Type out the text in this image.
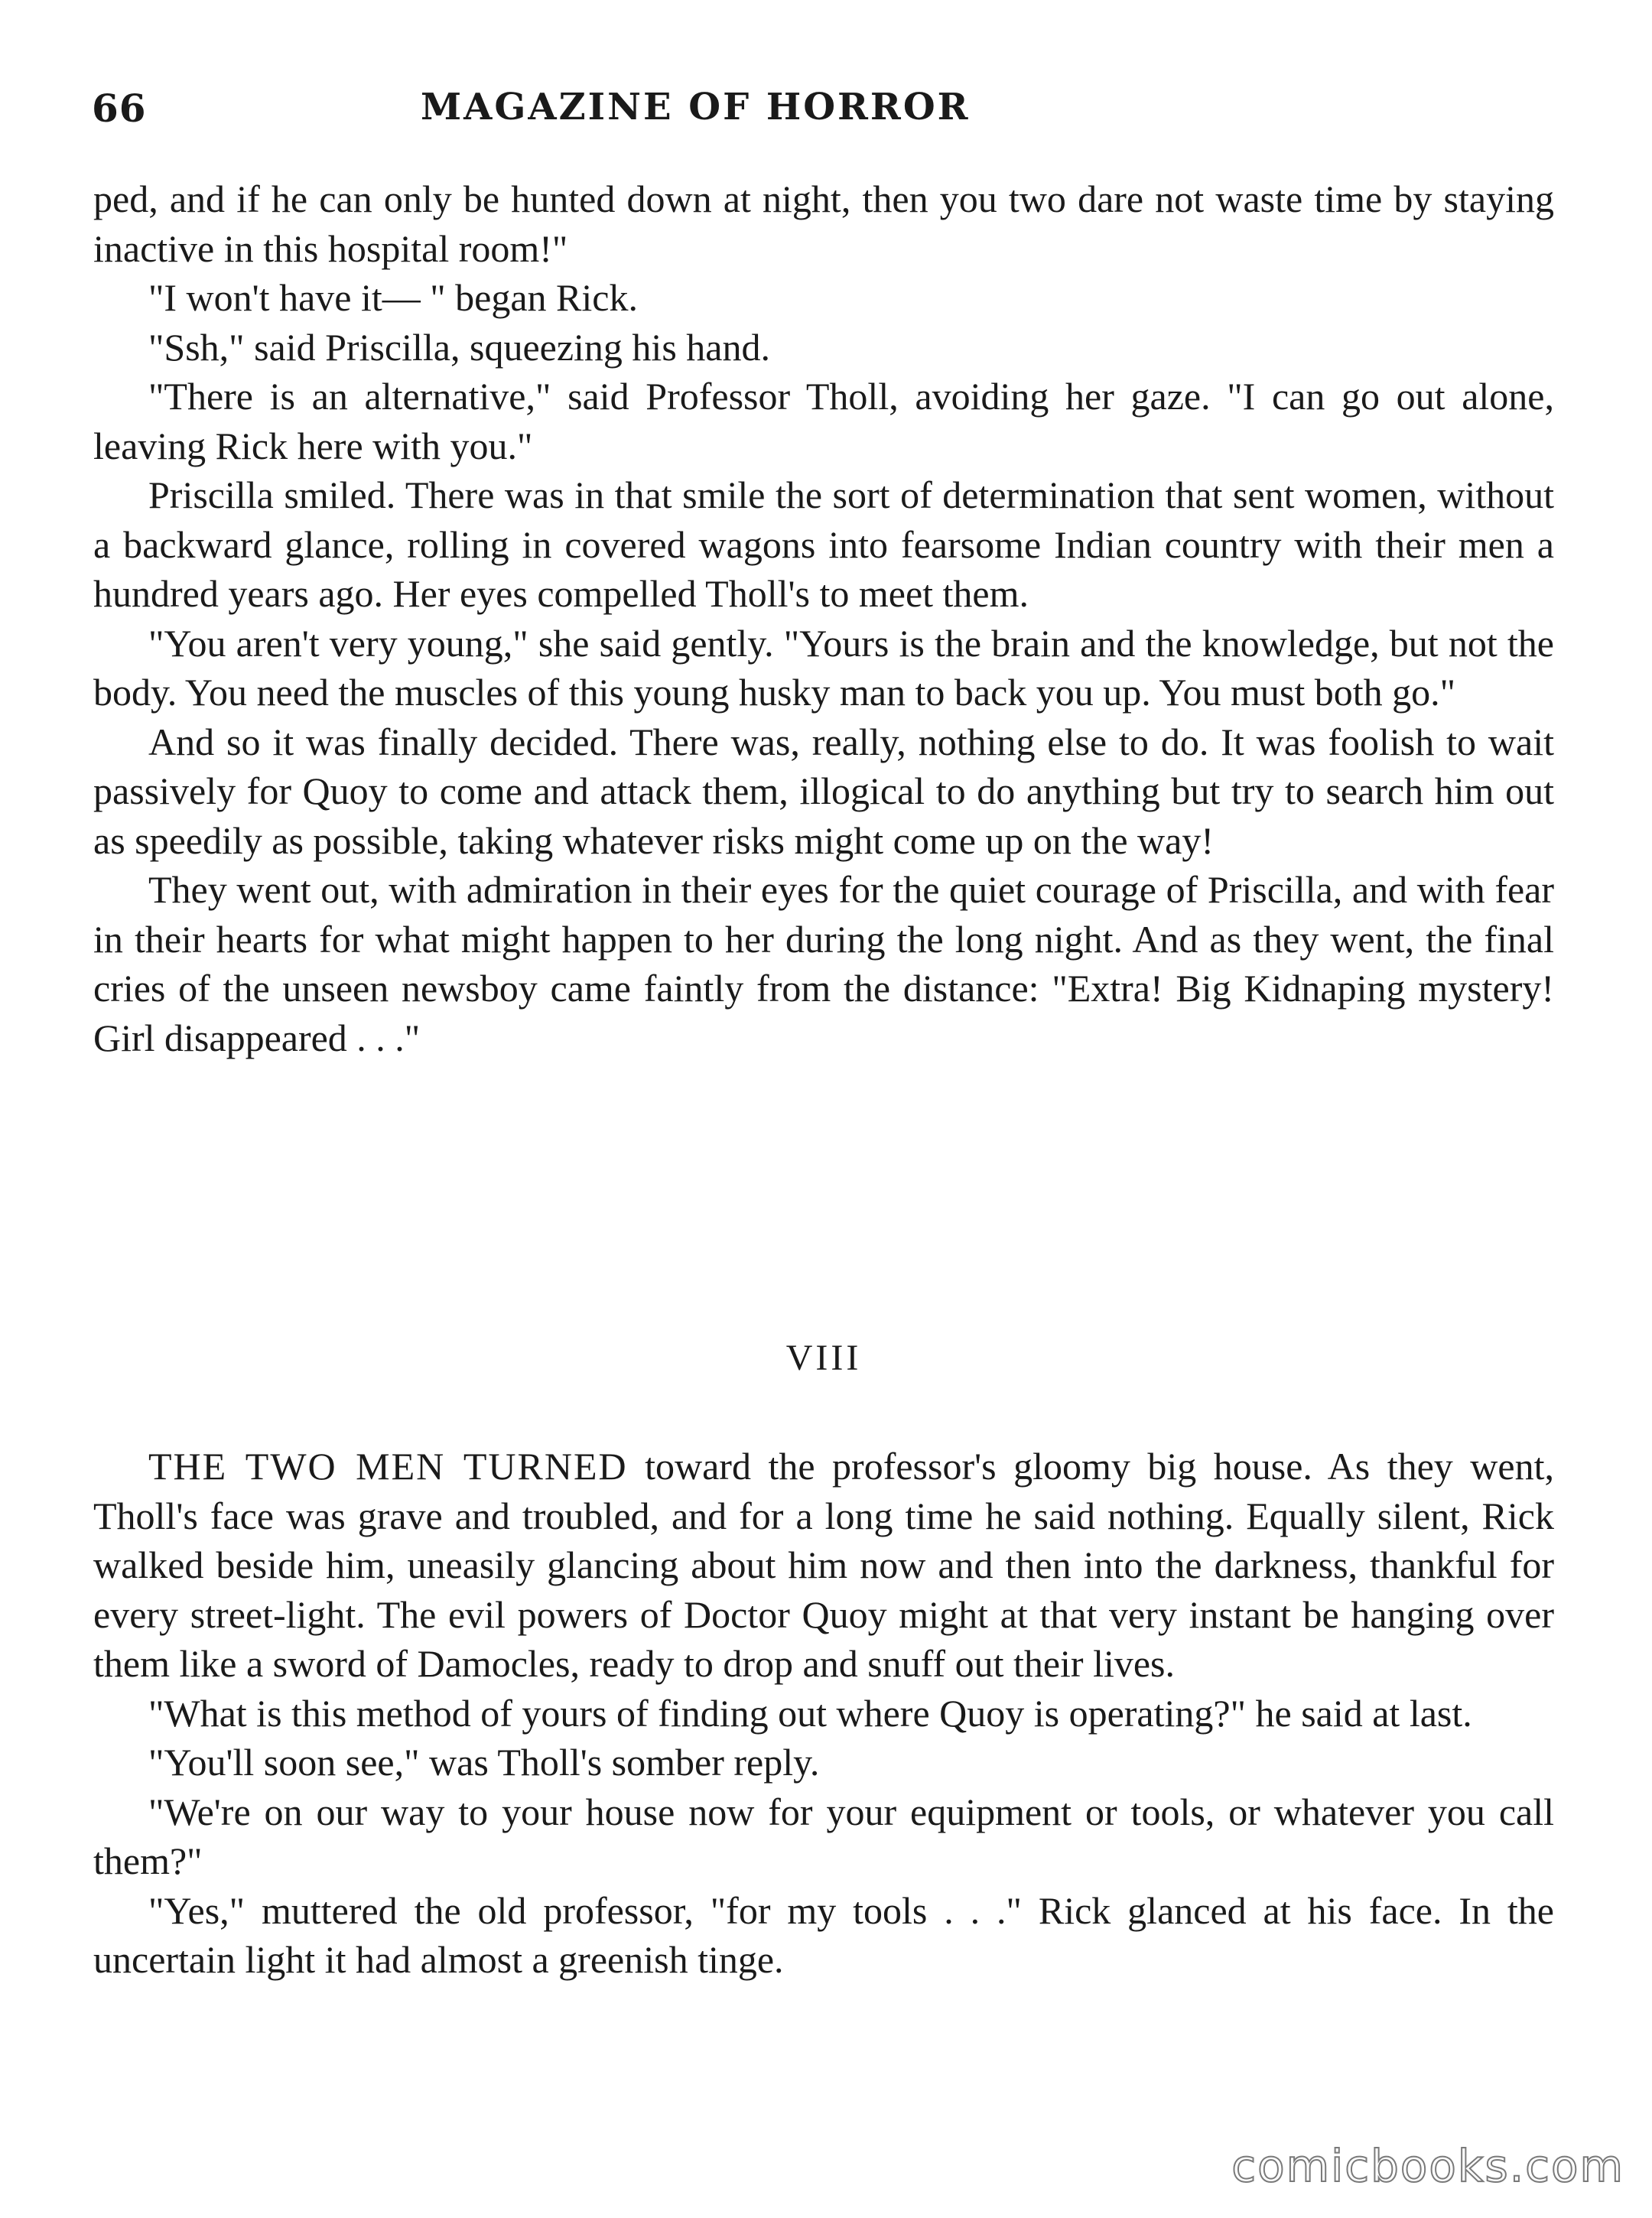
66	MAGAZINE OF HORROR

ped, and if he can only be hunted down at night, then you two dare not waste time by staying inactive in this hospital room!"

"I won't have it— " began Rick.

"Ssh," said Priscilla, squeezing his hand.

"There is an alternative," said Professor Tholl, avoiding her gaze. "I can go out alone, leaving Rick here with you."

Priscilla smiled. There was in that smile the sort of determination that sent women, without a backward glance, rolling in covered wagons into fearsome Indian country with their men a hundred years ago. Her eyes compelled Tholl's to meet them.

"You aren't very young," she said gently. "Yours is the brain and the knowledge, but not the body. You need the muscles of this young husky man to back you up. You must both go."

And so it was finally decided. There was, really, nothing else to do. It was foolish to wait passively for Quoy to come and attack them, illogical to do anything but try to search him out as speedily as possible, taking whatever risks might come up on the way!

They went out, with admiration in their eyes for the quiet courage of Priscilla, and with fear in their hearts for what might happen to her during the long night. And as they went, the final cries of the unseen newsboy came faintly from the distance: "Extra! Big Kidnaping mystery! Girl disappeared . . ."

VIII

THE TWO MEN TURNED toward the professor's gloomy big house. As they went, Tholl's face was grave and troubled, and for a long time he said nothing. Equally silent, Rick walked beside him, uneasily glancing about him now and then into the darkness, thankful for every street-light. The evil powers of Doctor Quoy might at that very instant be hanging over them like a sword of Damocles, ready to drop and snuff out their lives.

"What is this method of yours of finding out where Quoy is operating?" he said at last.

"You'll soon see," was Tholl's somber reply.

"We're on our way to your house now for your equipment or tools, or whatever you call them?"

"Yes," muttered the old professor, "for my tools . . ." Rick glanced at his face. In the uncertain light it had almost a greenish tinge.

comicbooks.com
